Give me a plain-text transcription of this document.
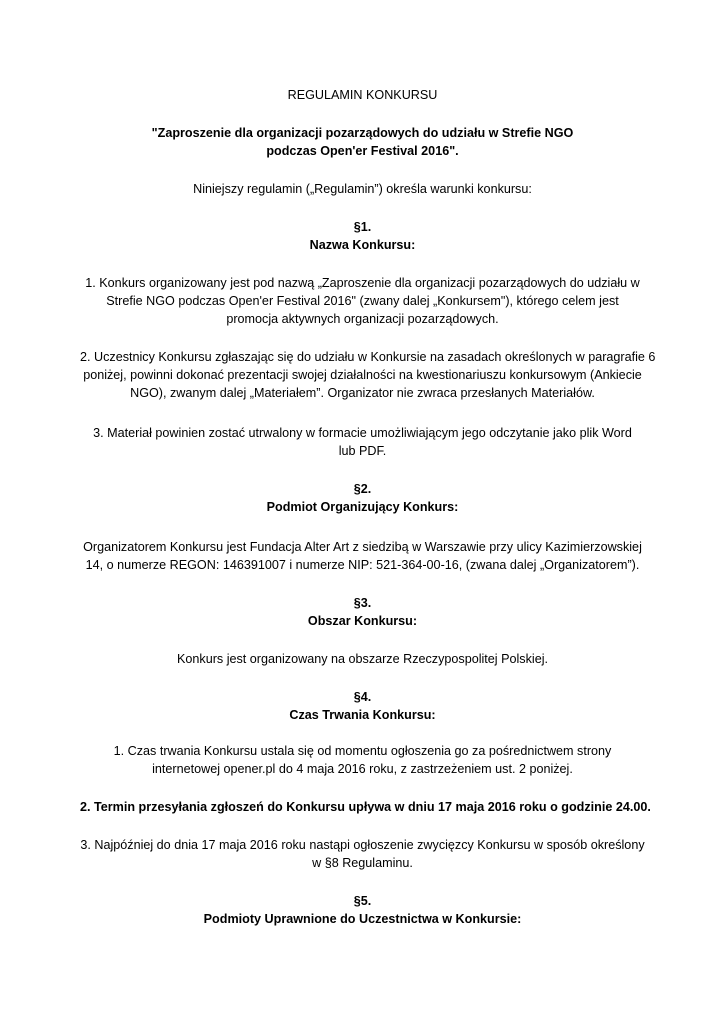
REGULAMIN KONKURSU

"Zaproszenie dla organizacji pozarządowych do udziału w Strefie NGO
podczas Open'er Festival 2016".

Niniejszy regulamin („Regulamin”) określa warunki konkursu:

§1.
Nazwa Konkursu:

1. Konkurs organizowany jest pod nazwą „Zaproszenie dla organizacji pozarządowych do udziału w
Strefie NGO podczas Open'er Festival 2016" (zwany dalej „Konkursem"), którego celem jest
promocja aktywnych organizacji pozarządowych.

2. Uczestnicy Konkursu zgłaszając się do udziału w Konkursie na zasadach określonych w paragrafie 6
poniżej, powinni dokonać prezentacji swojej działalności na kwestionariuszu konkursowym (Ankiecie
NGO), zwanym dalej „Materiałem”. Organizator nie zwraca przesłanych Materiałów.

3. Materiał powinien zostać utrwalony w formacie umożliwiającym jego odczytanie jako plik Word
lub PDF.

§2.
Podmiot Organizujący Konkurs:

Organizatorem Konkursu jest Fundacja Alter Art z siedzibą w Warszawie przy ulicy Kazimierzowskiej
14, o numerze REGON: 146391007 i numerze NIP: 521-364-00-16, (zwana dalej „Organizatorem”).

§3.
Obszar Konkursu:

Konkurs jest organizowany na obszarze Rzeczypospolitej Polskiej.

§4.
Czas Trwania Konkursu:

1. Czas trwania Konkursu ustala się od momentu ogłoszenia go za pośrednictwem strony
internetowej opener.pl do 4 maja 2016 roku, z zastrzeżeniem ust. 2 poniżej.

2. Termin przesyłania zgłoszeń do Konkursu upływa w dniu 17 maja 2016 roku o godzinie 24.00.

3. Najpóźniej do dnia 17 maja 2016 roku nastąpi ogłoszenie zwycięzcy Konkursu w sposób określony
w §8 Regulaminu.

§5.
Podmioty Uprawnione do Uczestnictwa w Konkursie:
